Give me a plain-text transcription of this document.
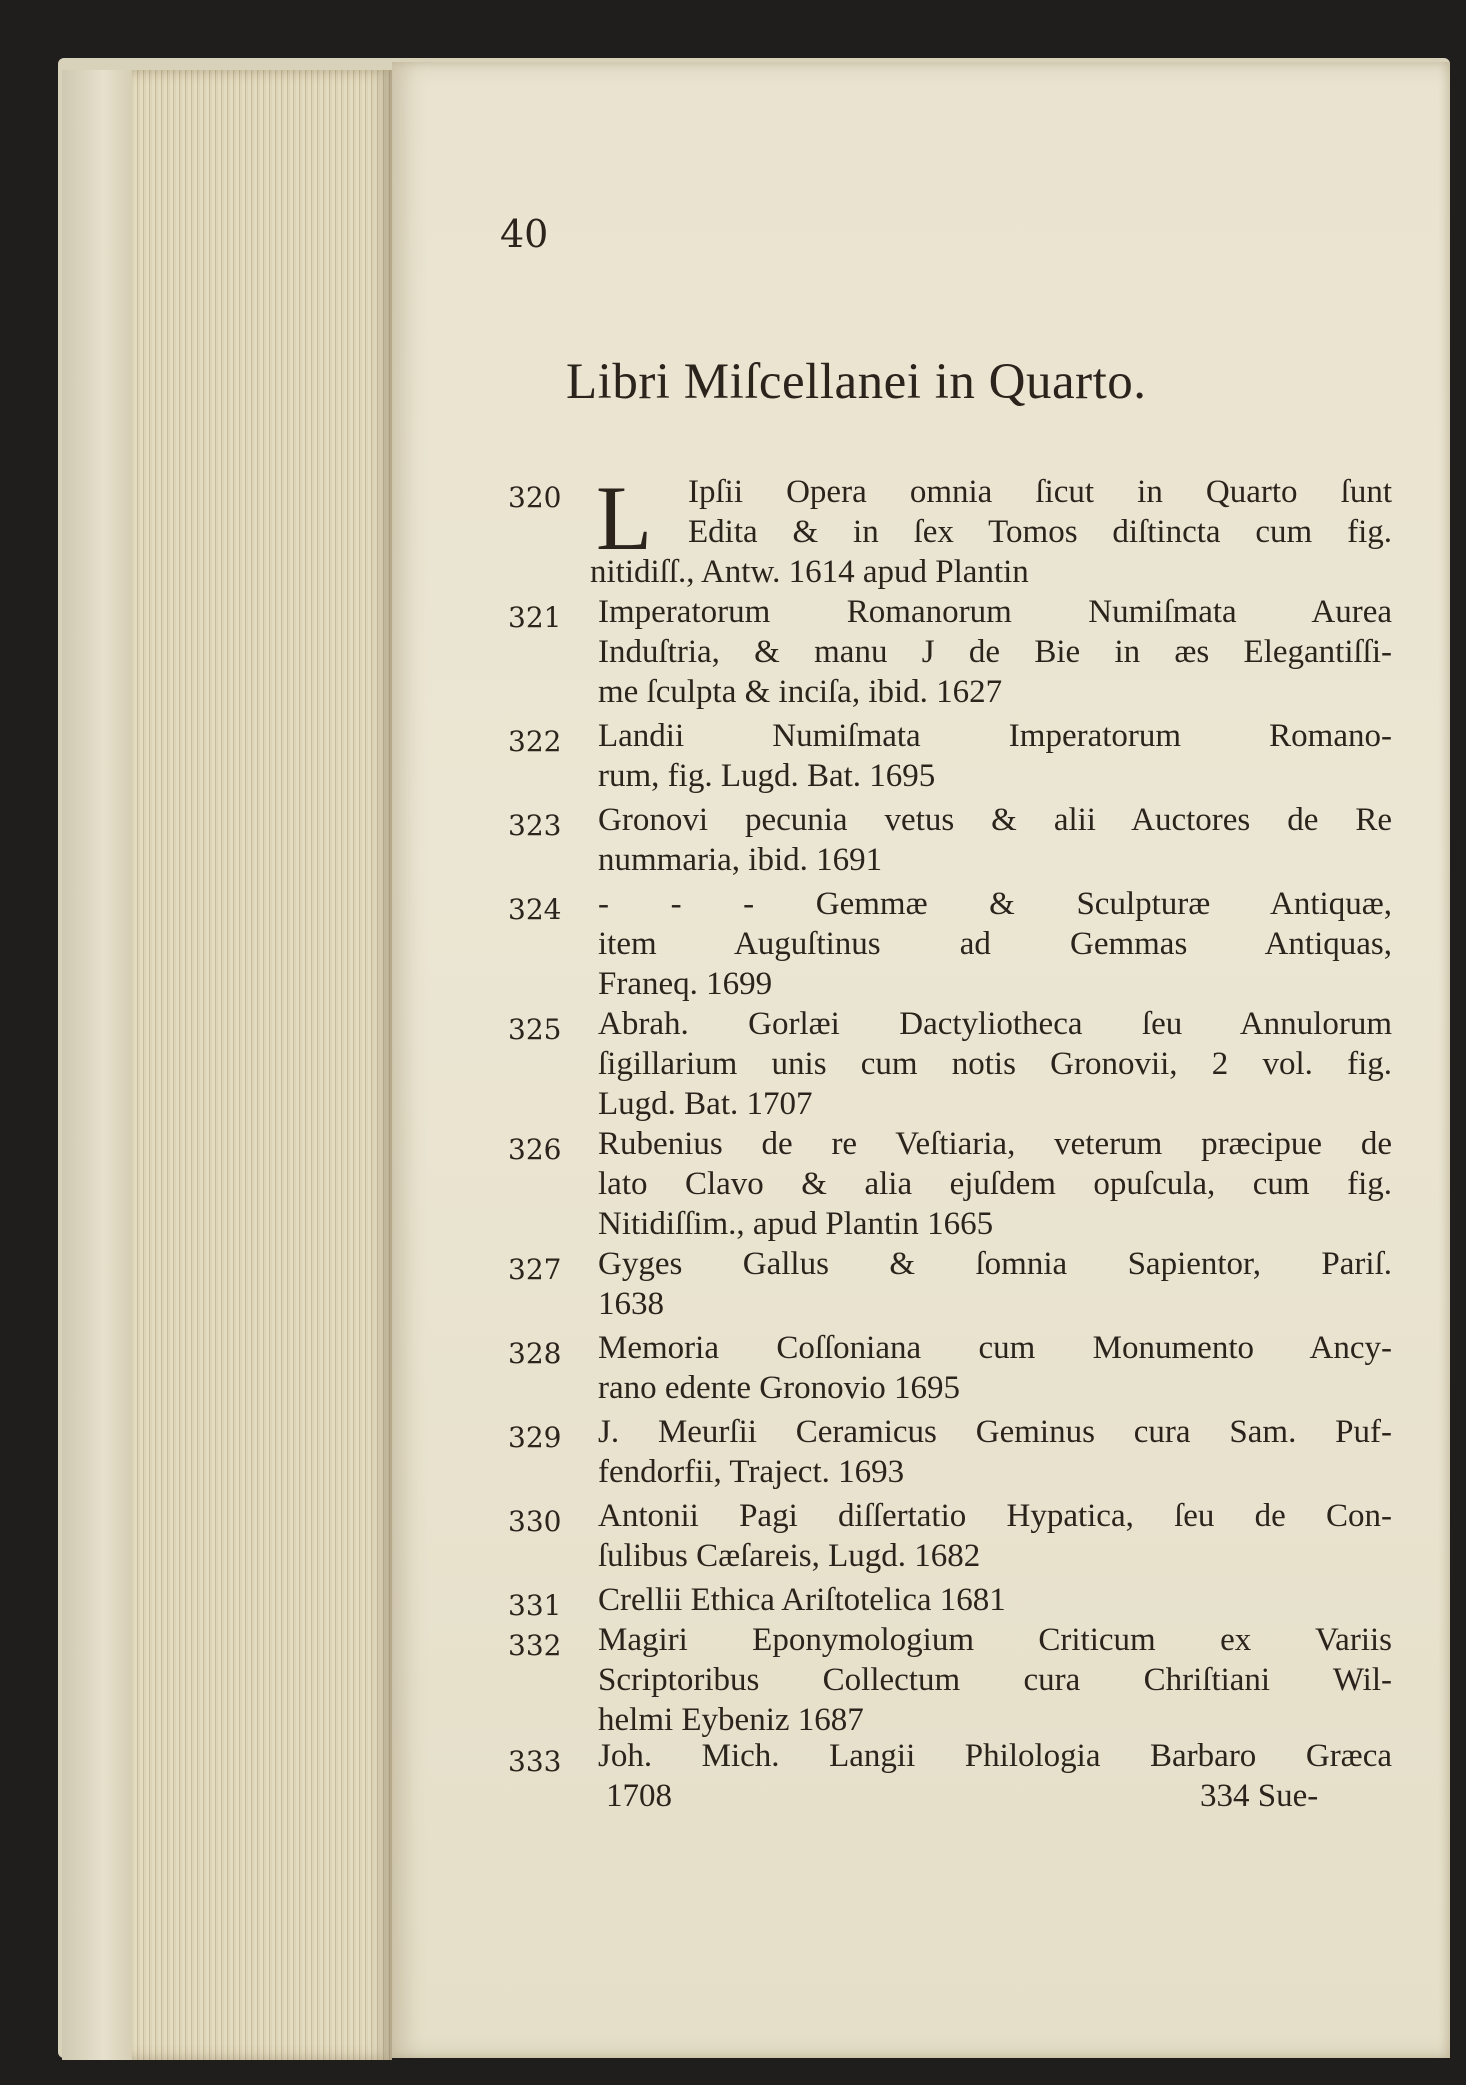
40
Libri Miſcellanei in Quarto.
L
320	Ipſii Opera omnia ſicut in Quarto ſunt
Edita & in ſex Tomos diſtincta cum fig.
nitidiſſ., Antw. 1614 apud Plantin
321 Imperatorum Romanorum Numiſmata Aurea
Induſtria, & manu J de Bie in æs Elegantiſſi-
me ſculpta & inciſa, ibid. 1627
322 Landii Numiſmata Imperatorum Romano-
rum, fig. Lugd. Bat. 1695
323 Gronovi pecunia vetus & alii Auctores de Re
nummaria, ibid. 1691
324 - - - Gemmæ & Sculpturæ Antiquæ,
item Auguſtinus ad Gemmas Antiquas,
Franeq. 1699
325 Abrah. Gorlæi Dactyliotheca ſeu Annulorum
ſigillarium unis cum notis Gronovii, 2 vol. fig.
Lugd. Bat. 1707
326 Rubenius de re Veſtiaria, veterum præcipue de
lato Clavo & alia ejuſdem opuſcula, cum fig.
Nitidiſſim., apud Plantin 1665
327 Gyges Gallus & ſomnia Sapientor, Pariſ.
1638
328 Memoria Coſſoniana cum Monumento Ancy-
rano edente Gronovio 1695
329 J. Meurſii Ceramicus Geminus cura Sam. Puf-
fendorfii, Traject. 1693
330 Antonii Pagi diſſertatio Hypatica, ſeu de Con-
ſulibus Cæſareis, Lugd. 1682
331 Crellii Ethica Ariſtotelica 1681
332 Magiri Eponymologium Criticum ex Variis
Scriptoribus Collectum cura Chriſtiani Wil-
helmi Eybeniz 1687
333 Joh. Mich. Langii Philologia Barbaro Græca
1708	334 Sue-
